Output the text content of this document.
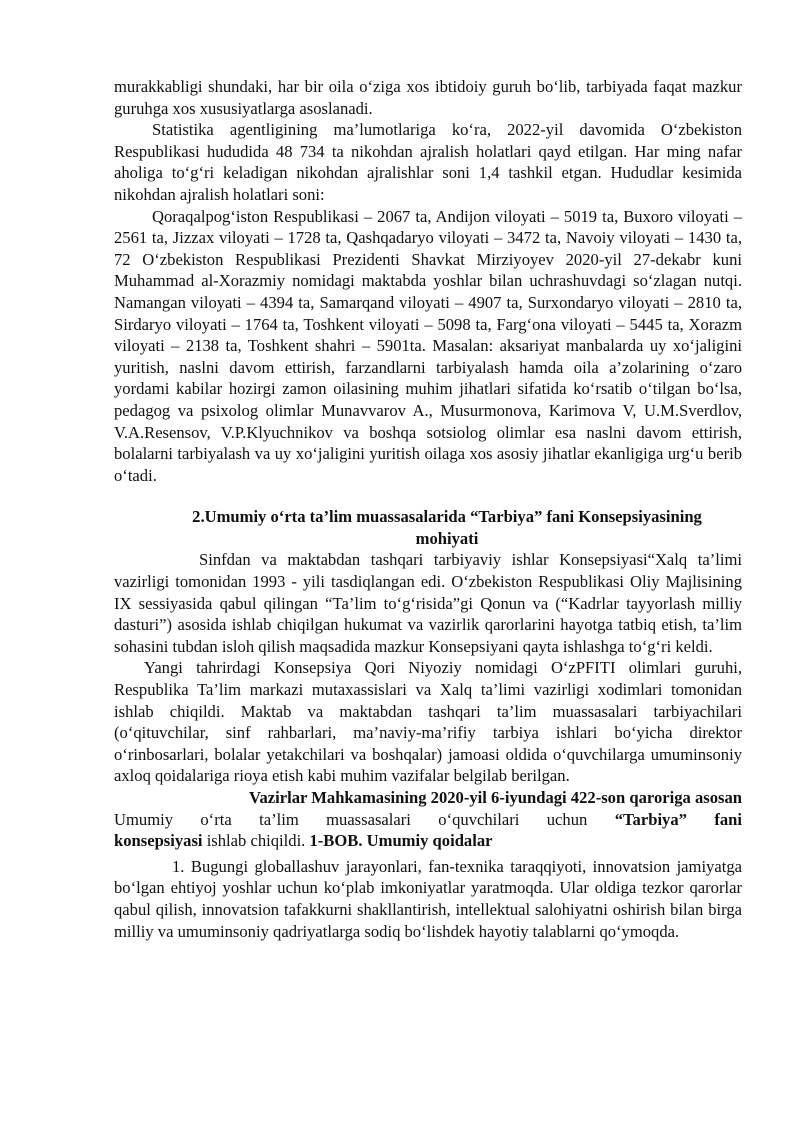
murakkabligi shundaki, har bir oila o‘ziga xos ibtidoiy guruh bo‘lib, tarbiyada faqat mazkur guruhga xos xususiyatlarga asoslanadi.

Statistika agentligining ma’lumotlariga ko‘ra, 2022-yil davomida O‘zbekiston Respublikasi hududida 48 734 ta nikohdan ajralish holatlari qayd etilgan. Har ming nafar aholiga to‘g‘ri keladigan nikohdan ajralishlar soni 1,4 tashkil etgan. Hududlar kesimida nikohdan ajralish holatlari soni:

Qoraqalpog‘iston Respublikasi – 2067 ta, Andijon viloyati – 5019 ta, Buxoro viloyati – 2561 ta, Jizzax viloyati – 1728 ta, Qashqadaryo viloyati – 3472 ta, Navoiy viloyati – 1430 ta, 72 O‘zbekiston Respublikasi Prezidenti Shavkat Mirziyoyev 2020-yil 27-dekabr kuni Muhammad al-Xorazmiy nomidagi maktabda yoshlar bilan uchrashuvdagi so‘zlagan nutqi. Namangan viloyati – 4394 ta, Samarqand viloyati – 4907 ta, Surxondaryo viloyati – 2810 ta, Sirdaryo viloyati – 1764 ta, Toshkent viloyati – 5098 ta, Farg‘ona viloyati – 5445 ta, Xorazm viloyati – 2138 ta, Toshkent shahri – 5901ta. Masalan: aksariyat manbalarda uy xo‘jaligini yuritish, naslni davom ettirish, farzandlarni tarbiyalash hamda oila a’zolarining o‘zaro yordami kabilar hozirgi zamon oilasining muhim jihatlari sifatida ko‘rsatib o‘tilgan bo‘lsa, pedagog va psixolog olimlar Munavvarov A., Musurmonova, Karimova V, U.M.Sverdlov, V.A.Resensov, V.P.Klyuchnikov va boshqa sotsiolog olimlar esa naslni davom ettirish, bolalarni tarbiyalash va uy xo‘jaligini yuritish oilaga xos asosiy jihatlar ekanligiga urg‘u berib o‘tadi.

2.Umumiy o‘rta ta’lim muassasalarida “Tarbiya” fani Konsepsiyasining
mohiyati

Sinfdan va maktabdan tashqari tarbiyaviy ishlar Konsepsiyasi“Xalq ta’limi vazirligi tomonidan 1993 - yili tasdiqlangan edi. O‘zbekiston Respublikasi Oliy Majlisining IX sessiyasida qabul qilingan “Ta’lim to‘g‘risida”gi Qonun va (“Kadrlar tayyorlash milliy dasturi”) asosida ishlab chiqilgan hukumat va vazirlik qarorlarini hayotga tatbiq etish, ta’lim sohasini tubdan isloh qilish maqsadida mazkur Konsepsiyani qayta ishlashga to‘g‘ri keldi.

Yangi tahrirdagi Konsepsiya Qori Niyoziy nomidagi O‘zPFITI olimlari guruhi, Respublika Ta’lim markazi mutaxassislari va Xalq ta’limi vazirligi xodimlari tomonidan ishlab chiqildi. Maktab va maktabdan tashqari ta’lim muassasalari tarbiyachilari (o‘qituvchilar, sinf rahbarlari, ma’naviy-ma’rifiy tarbiya ishlari bo‘yicha direktor o‘rinbosarlari, bolalar yetakchilari va boshqalar) jamoasi oldida o‘quvchilarga umuminsoniy axloq qoidalariga rioya etish kabi muhim vazifalar belgilab berilgan.

Vazirlar Mahkamasining 2020-yil 6-iyundagi 422-son qaroriga asosan

Umumiy o‘rta ta’lim muassasalari o‘quvchilari uchun “Tarbiya” fani

konsepsiyasi ishlab chiqildi. 1-BOB. Umumiy qoidalar

1. Bugungi globallashuv jarayonlari, fan-texnika taraqqiyoti, innovatsion jamiyatga bo‘lgan ehtiyoj yoshlar uchun ko‘plab imkoniyatlar yaratmoqda. Ular oldiga tezkor qarorlar qabul qilish, innovatsion tafakkurni shakllantirish, intellektual salohiyatni oshirish bilan birga milliy va umuminsoniy qadriyatlarga sodiq bo‘lishdek hayotiy talablarni qo‘ymoqda.
